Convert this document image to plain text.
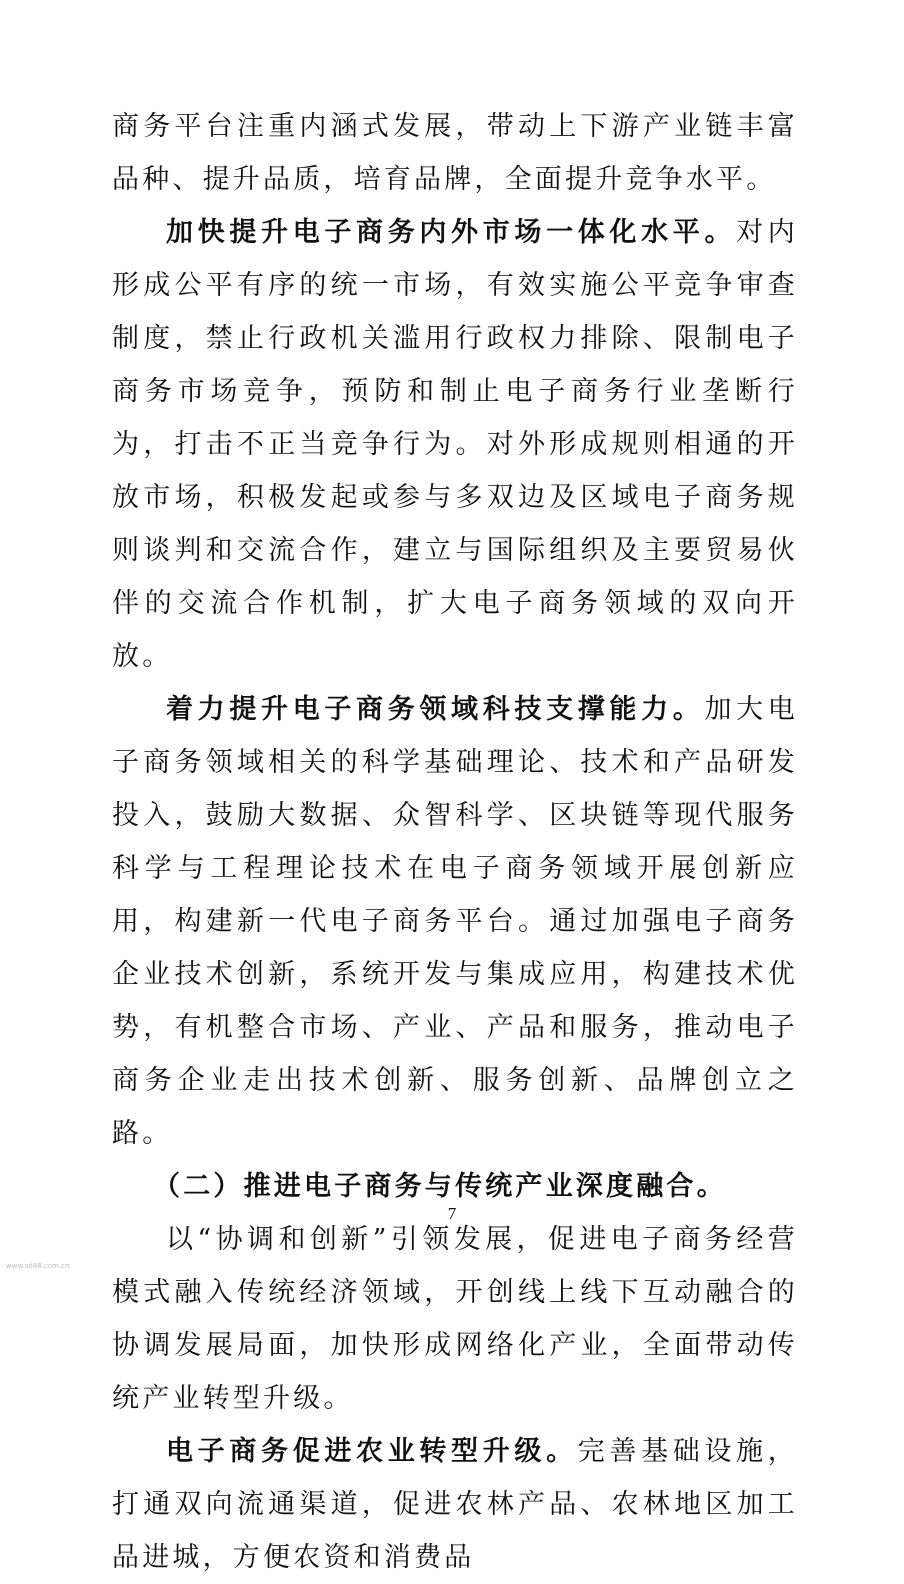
商务平台注重内涵式发展，带动上下游产业链丰富品种、提升品质，培育品牌，全面提升竞争水平。

加快提升电子商务内外市场一体化水平。对内形成公平有序的统一市场，有效实施公平竞争审查制度，禁止行政机关滥用行政权力排除、限制电子商务市场竞争，预防和制止电子商务行业垄断行为，打击不正当竞争行为。对外形成规则相通的开放市场，积极发起或参与多双边及区域电子商务规则谈判和交流合作，建立与国际组织及主要贸易伙伴的交流合作机制，扩大电子商务领域的双向开放。

着力提升电子商务领域科技支撑能力。加大电子商务领域相关的科学基础理论、技术和产品研发投入，鼓励大数据、众智科学、区块链等现代服务科学与工程理论技术在电子商务领域开展创新应用，构建新一代电子商务平台。通过加强电子商务企业技术创新，系统开发与集成应用，构建技术优势，有机整合市场、产业、产品和服务，推动电子商务企业走出技术创新、服务创新、品牌创立之路。

（二）推进电子商务与传统产业深度融合。

以“协调和创新”引领发展，促进电子商务经营模式融入传统经济领域，开创线上线下互动融合的协调发展局面，加快形成网络化产业，全面带动传统产业转型升级。

电子商务促进农业转型升级。完善基础设施，打通双向流通渠道，促进农林产品、农林地区加工品进城，方便农资和消费品

7
www.sd88.com.cn
